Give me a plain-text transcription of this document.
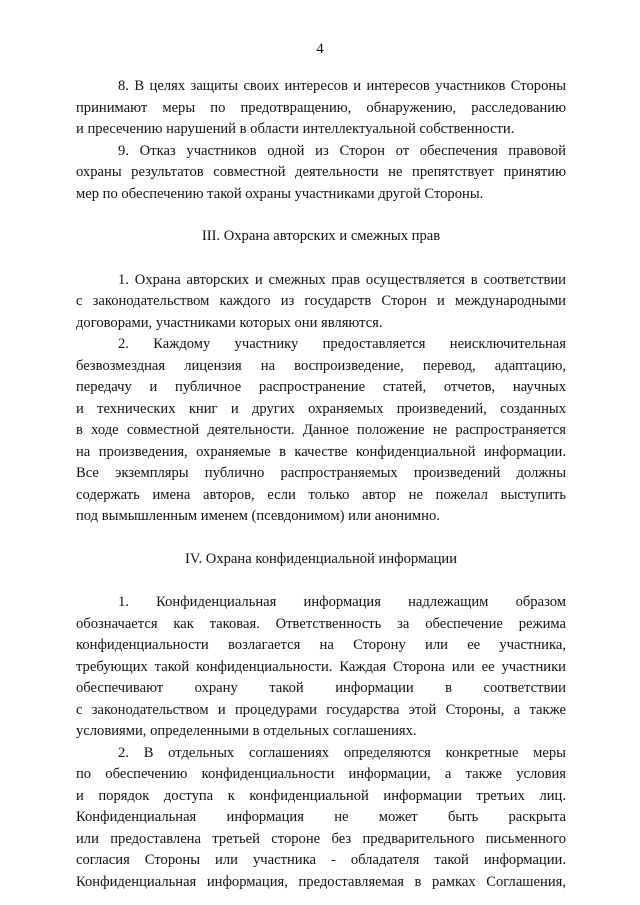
4
8. В целях защиты своих интересов и интересов участников Стороны
принимают меры по предотвращению, обнаружению, расследованию
и пресечению нарушений в области интеллектуальной собственности.
9. Отказ участников одной из Сторон от обеспечения правовой
охраны результатов совместной деятельности не препятствует принятию
мер по обеспечению такой охраны участниками другой Стороны.
III. Охрана авторских и смежных прав
1. Охрана авторских и смежных прав осуществляется в соответствии
с законодательством каждого из государств Сторон и международными
договорами, участниками которых они являются.
2. Каждому участнику предоставляется неисключительная
безвозмездная лицензия на воспроизведение, перевод, адаптацию,
передачу и публичное распространение статей, отчетов, научных
и технических книг и других охраняемых произведений, созданных
в ходе совместной деятельности. Данное положение не распространяется
на произведения, охраняемые в качестве конфиденциальной информации.
Все экземпляры публично распространяемых произведений должны
содержать имена авторов, если только автор не пожелал выступить
под вымышленным именем (псевдонимом) или анонимно.
IV. Охрана конфиденциальной информации
1. Конфиденциальная информация надлежащим образом
обозначается как таковая. Ответственность за обеспечение режима
конфиденциальности возлагается на Сторону или ее участника,
требующих такой конфиденциальности. Каждая Сторона или ее участники
обеспечивают охрану такой информации в соответствии
с законодательством и процедурами государства этой Стороны, а также
условиями, определенными в отдельных соглашениях.
2. В отдельных соглашениях определяются конкретные меры
по обеспечению конфиденциальности информации, а также условия
и порядок доступа к конфиденциальной информации третьих лиц.
Конфиденциальная информация не может быть раскрыта
или предоставлена третьей стороне без предварительного письменного
согласия Стороны или участника - обладателя такой информации.
Конфиденциальная информация, предоставляемая в рамках Соглашения,
